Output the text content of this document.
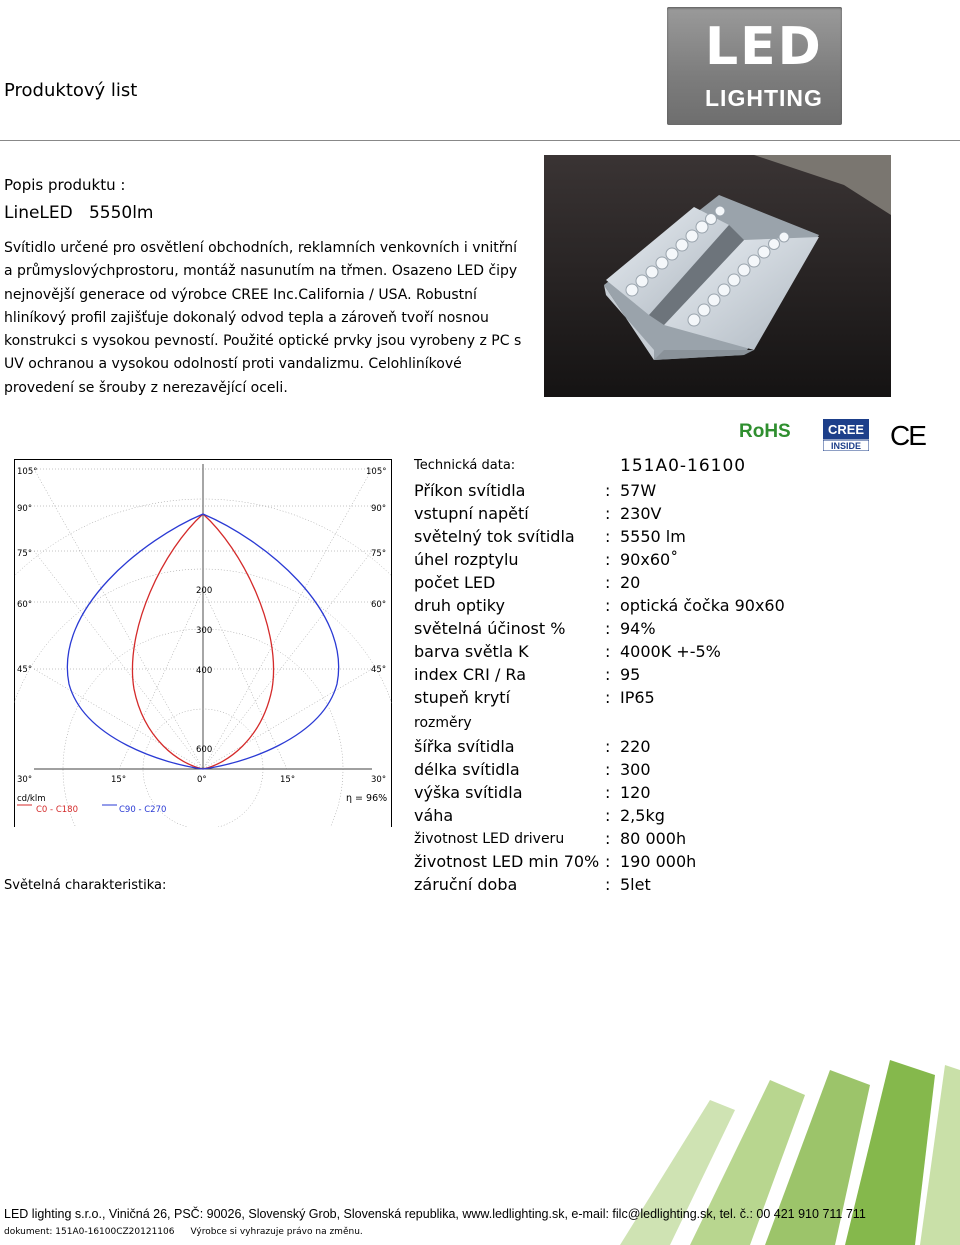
Produktový list
LED
LIGHTING
Popis produktu :
LineLED   5550lm
Svítidlo určené pro osvětlení obchodních, reklamních venkovních i vnitřní a průmyslovýchprostoru, montáž nasunutím na třmen. Osazeno LED čipy nejnovější generace od výrobce CREE Inc.California / USA. Robustní hliníkový profil zajišťuje dokonalý odvod tepla a zároveň tvoří nosnou konstrukci s vysokou pevností. Použité optické prvky jsou vyrobeny z PC s UV ochranou a vysokou odolností proti vandalizmu. Celohliníkové provedení se šrouby z nerezavějící oceli.
105°
90°
75°
60°
45°
30°	15°	0°	15°	30°
45°
60°
75°
90°
105°
200
300
400
600
cd/klm	η = 96%
C0 - C180	C90 - C270
Světelná charakteristika:
RoHS	CREE
INSIDE CE
Technická data:	151A0-16100
Příkon svítidla	: 57W
vstupní napětí	: 230V
světelný tok svítidla : 5550 lm
úhel rozptylu	: 90x60˚
počet LED	: 20
druh optiky	: optická čočka 90x60
světelná účinost % : 94%
barva světla K	: 4000K +-5%
index CRI / Ra	: 95
stupeň krytí	: IP65
rozměry
šířka svítidla	: 220
délka svítidla	: 300
výška svítidla	: 120
váha	: 2,5kg
životnost LED driveru	: 80 000h
životnost LED min 70% : 190 000h
záruční doba	: 5let
LED lighting s.r.o., Viničná 26, PSČ: 90026, Slovenský Grob, Slovenská republika, www.ledlighting.sk, e-mail: filc@ledlighting.sk, tel. č.: 00 421 910 711 711
dokument: 151A0-16100CZ20121106 Výrobce si vyhrazuje právo na změnu.
